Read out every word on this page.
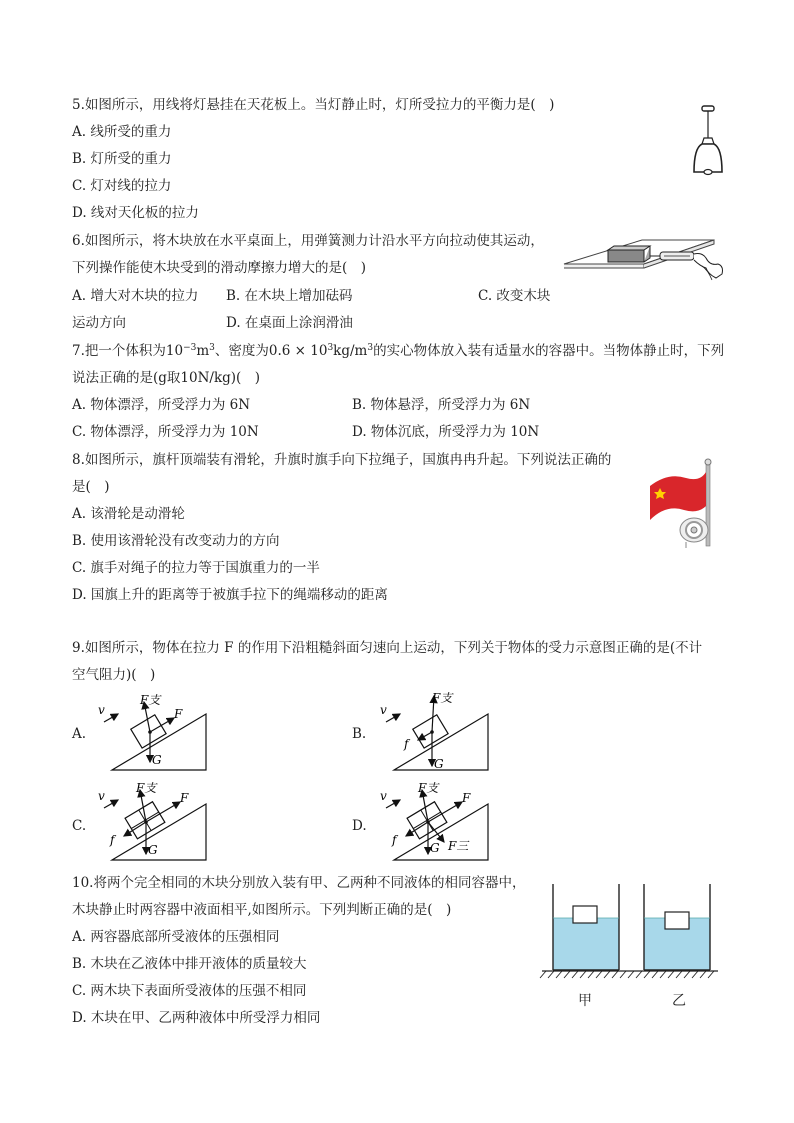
5.如图所示，用线将灯悬挂在天花板上。当灯静止时，灯所受拉力的平衡力是( )
A. 线所受的重力
B. 灯所受的重力
C. 灯对线的拉力
D. 线对天化板的拉力
6.如图所示，将木块放在水平桌面上，用弹簧测力计沿水平方向拉动使其运动，
下列操作能使木块受到的滑动摩擦力增大的是( )
A. 增大对木块的拉力 B. 在木块上增加砝码	C. 改变木块
运动方向	D. 在桌面上涂润滑油
7.把一个体积为$10^{-3}m^3$、密度为$0.6 \times 10^3kg/m^3$的实心物体放入装有适量水的容器中。当物体静止时，下列
说法正确的是(g取10N/kg)( )
A. 物体漂浮，所受浮力为 6N	B. 物体悬浮，所受浮力为 6N
C. 物体漂浮，所受浮力为 10N	D. 物体沉底，所受浮力为 10N
8.如图所示，旗杆顶端装有滑轮，升旗时旗手向下拉绳子，国旗冉冉升起。下列说法正确的
是( )
A. 该滑轮是动滑轮
B. 使用该滑轮没有改变动力的方向
C. 旗手对绳子的拉力等于国旗重力的一半
D. 国旗上升的距离等于被旗手拉下的绳端移动的距离
9.如图所示，物体在拉力 F 的作用下沿粗糙斜面匀速向上运动，下列关于物体的受力示意图正确的是(不计
空气阻力)( )
A.	B.
C.	D.
v
F支
F
G
v
F支
f
G
v
F支
F
f
G
v
F支
F
f
G F三
10.将两个完全相同的木块分别放入装有甲、乙两种不同液体的相同容器中，
木块静止时两容器中液面相平,如图所示。下列判断正确的是( )
A. 两容器底部所受液体的压强相同
B. 木块在乙液体中排开液体的质量较大
C. 两木块下表面所受液体的压强不相同
D. 木块在甲、乙两种液体中所受浮力相同
甲	乙
